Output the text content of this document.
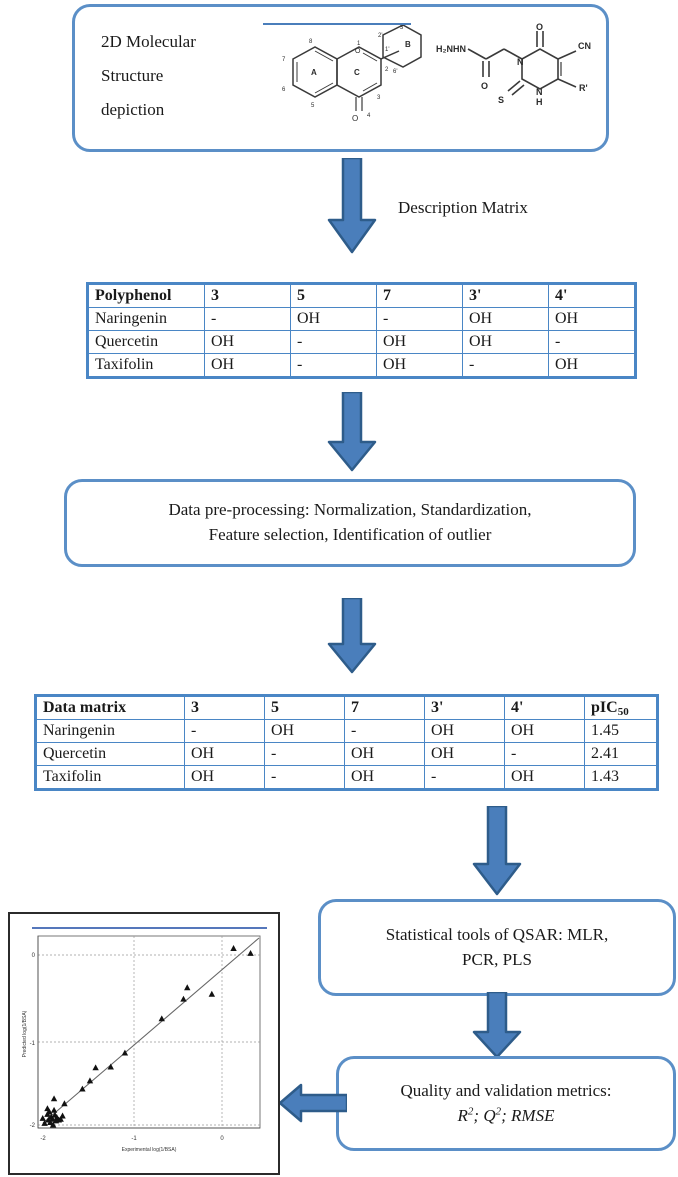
2D Molecular
Structure
depiction
1
2
3
4
5
6
7
8
1'
2'
3'
6'
A	C
B
O
O	H₂NHN
O
O
N
N
H
S
CN
R'
Description Matrix
Polyphenol	3	5	7	3'	4'
Naringenin	-	OH	-	OH	OH
Quercetin	OH	-	OH	OH	-
Taxifolin	OH	-	OH	-	OH
Data pre-processing: Normalization, Standardization,
Feature selection, Identification of outlier
Data matrix	3	5	7	3'	4'	pIC50
Naringenin	-	OH	-	OH	OH	1.45
Quercetin	OH	-	OH	OH	-	2.41
Taxifolin	OH	-	OH	-	OH	1.43
Statistical tools of QSAR: MLR,
PCR, PLS
Quality and validation metrics:
$R^2$; $Q^2$; RMSE
-2	-1	0
0
-1
-2
Experimental log(1/BSA)
Predicted log(1/BSA)
